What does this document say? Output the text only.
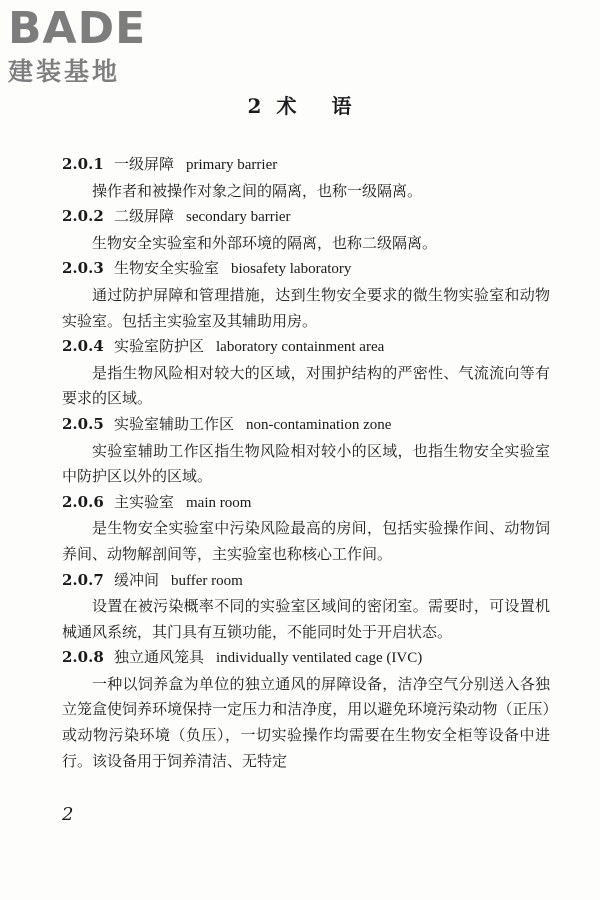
BADE
建装基地
2 术 语
2.0.1 一级屏障 primary barrier

操作者和被操作对象之间的隔离，也称一级隔离。

2.0.2 二级屏障 secondary barrier

生物安全实验室和外部环境的隔离，也称二级隔离。

2.0.3 生物安全实验室 biosafety laboratory

通过防护屏障和管理措施，达到生物安全要求的微生物实验室和动物实验室。包括主实验室及其辅助用房。

2.0.4 实验室防护区 laboratory containment area

是指生物风险相对较大的区域，对围护结构的严密性、气流流向等有要求的区域。

2.0.5 实验室辅助工作区 non-contamination zone

实验室辅助工作区指生物风险相对较小的区域，也指生物安全实验室中防护区以外的区域。

2.0.6 主实验室 main room

是生物安全实验室中污染风险最高的房间，包括实验操作间、动物饲养间、动物解剖间等，主实验室也称核心工作间。

2.0.7 缓冲间 buffer room

设置在被污染概率不同的实验室区域间的密闭室。需要时，可设置机械通风系统，其门具有互锁功能，不能同时处于开启状态。

2.0.8 独立通风笼具 individually ventilated cage (IVC)

一种以饲养盒为单位的独立通风的屏障设备，洁净空气分别送入各独立笼盒使饲养环境保持一定压力和洁净度，用以避免环境污染动物（正压）或动物污染环境（负压），一切实验操作均需要在生物安全柜等设备中进行。该设备用于饲养清洁、无特定

2
